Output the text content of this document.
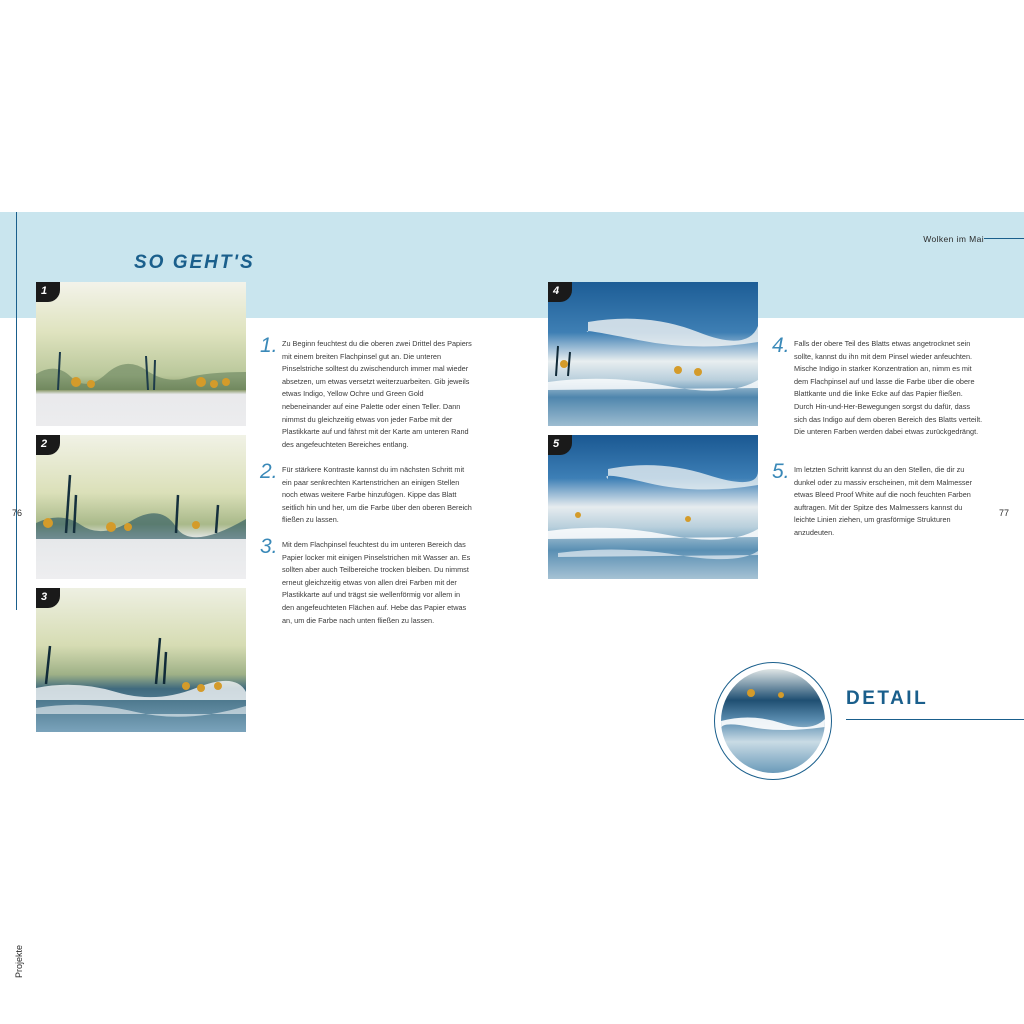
Wolken im Mai
SO GEHT'S
Projekte
76	77
1
2
3
4
5
1. Zu Beginn feuchtest du die oberen zwei Drittel des Papiers mit einem breiten Flachpinsel gut an. Die unteren Pinselstriche solltest du zwischendurch immer mal wieder absetzen, um etwas versetzt weiterzuarbeiten. Gib jeweils etwas Indigo, Yellow Ochre und Green Gold nebeneinander auf eine Palette oder einen Teller. Dann nimmst du gleichzeitig etwas von jeder Farbe mit der Plastikkarte auf und fährst mit der Karte am unteren Rand des angefeuchteten Bereiches entlang.
2. Für stärkere Kontraste kannst du im nächsten Schritt mit ein paar senkrechten Kartenstrichen an einigen Stellen noch etwas weitere Farbe hinzufügen. Kippe das Blatt seitlich hin und her, um die Farbe über den oberen Bereich fließen zu lassen.
3. Mit dem Flachpinsel feuchtest du im unteren Bereich das Papier locker mit einigen Pinselstrichen mit Wasser an. Es sollten aber auch Teilbereiche trocken bleiben. Du nimmst erneut gleichzeitig etwas von allen drei Farben mit der Plastikkarte auf und trägst sie wellenförmig vor allem in den angefeuchteten Flächen auf. Hebe das Papier etwas an, um die Farbe nach unten fließen zu lassen.
4. Falls der obere Teil des Blatts etwas angetrocknet sein sollte, kannst du ihn mit dem Pinsel wieder anfeuchten. Mische Indigo in starker Konzentration an, nimm es mit dem Flachpinsel auf und lasse die Farbe über die obere Blattkante und die linke Ecke auf das Papier fließen. Durch Hin-und-Her-Bewegungen sorgst du dafür, dass sich das Indigo auf dem oberen Bereich des Blatts verteilt. Die unteren Farben werden dabei etwas zurückgedrängt.
5. Im letzten Schritt kannst du an den Stellen, die dir zu dunkel oder zu massiv erscheinen, mit dem Malmesser etwas Bleed Proof White auf die noch feuchten Farben auftragen. Mit der Spitze des Malmessers kannst du leichte Linien ziehen, um grasförmige Strukturen anzudeuten.
DETAIL
